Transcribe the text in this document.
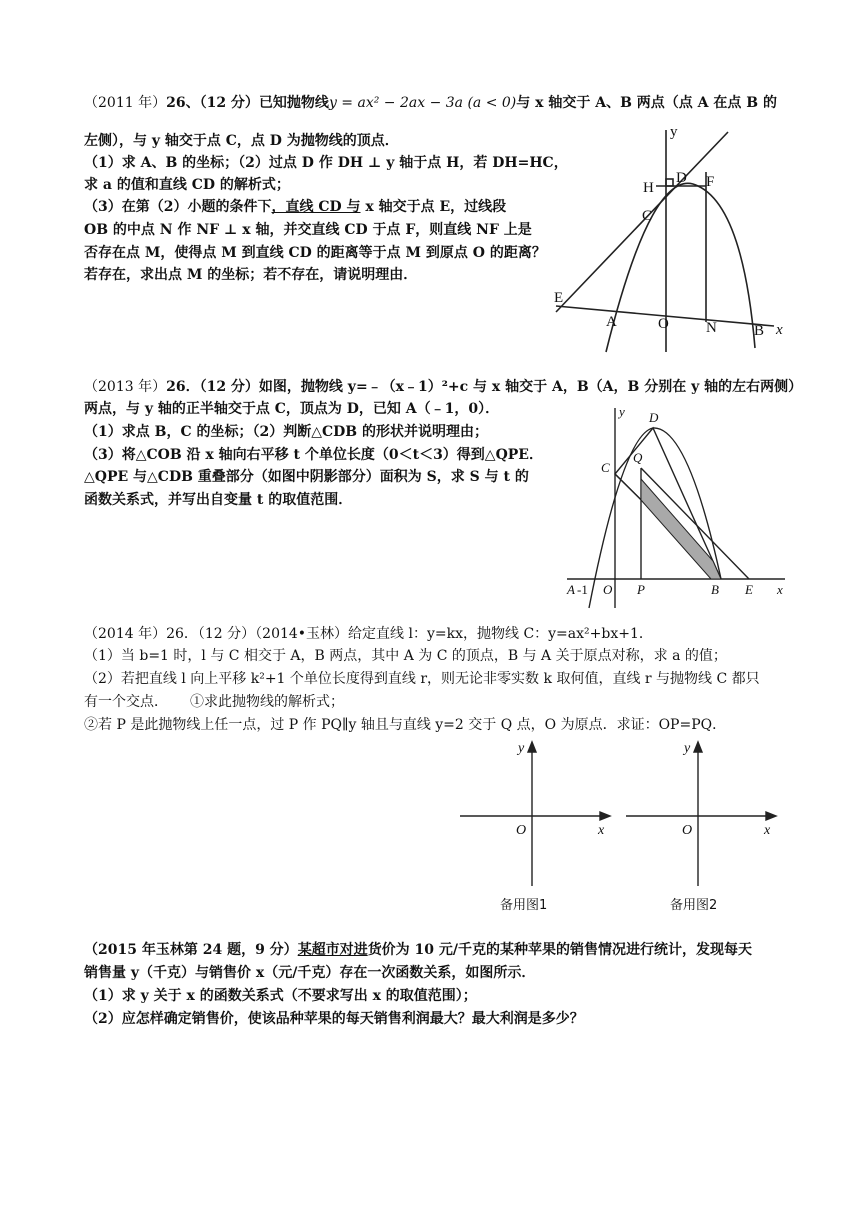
（2011 年）26、（12 分）已知抛物线y = ax² − 2ax − 3a (a < 0)与 x 轴交于 A、B 两点（点 A 在点 B 的
左侧），与 y 轴交于点 C，点 D 为抛物线的顶点．
（1）求 A、B 的坐标；（2）过点 D 作 DH ⊥ y 轴于点 H，若 DH=HC，
求 a 的值和直线 CD 的解析式；
（3）在第（2）小题的条件下，直线 CD 与 x 轴交于点 E，过线段
OB 的中点 N 作 NF ⊥ x 轴，并交直线 CD 于点 F，则直线 NF 上是
否存在点 M，使得点 M 到直线 CD 的距离等于点 M 到原点 O 的距离？
若存在，求出点 M 的坐标；若不存在，请说明理由．
y
H
D F
C
E
A	O N B x
（2013 年）26．（12 分）如图，抛物线 y=﹣（x﹣1）²+c 与 x 轴交于 A，B（A，B 分别在 y 轴的左右两侧）
两点，与 y 轴的正半轴交于点 C，顶点为 D，已知 A（﹣1，0）．
（1）求点 B，C 的坐标；（2）判断△CDB 的形状并说明理由；
（3）将△COB 沿 x 轴向右平移 t 个单位长度（0＜t＜3）得到△QPE．
△QPE 与△CDB 重叠部分（如图中阴影部分）面积为 S，求 S 与 t 的
函数关系式，并写出自变量 t 的取值范围．
y D
C
Q
A -1 O P	B E x
（2014 年）26．（12 分）（2014•玉林）给定直线 l：y=kx，抛物线 C：y=ax²+bx+1．
（1）当 b=1 时，l 与 C 相交于 A，B 两点，其中 A 为 C 的顶点，B 与 A 关于原点对称，求 a 的值；
（2）若把直线 l 向上平移 k²+1 个单位长度得到直线 r，则无论非零实数 k 取何值，直线 r 与抛物线 C 都只
有一个交点． ①求此抛物线的解析式；
②若 P 是此抛物线上任一点，过 P 作 PQ∥y 轴且与直线 y=2 交于 Q 点，O 为原点．求证：OP=PQ．
y
O	x
备用图1
y
O	x
备用图2
（2015 年玉林第 24 题，9 分）某超市对进货价为 10 元/千克的某种苹果的销售情况进行统计，发现每天
销售量 y（千克）与销售价 x（元/千克）存在一次函数关系，如图所示．
（1）求 y 关于 x 的函数关系式（不要求写出 x 的取值范围）；
（2）应怎样确定销售价，使该品种苹果的每天销售利润最大？最大利润是多少？
